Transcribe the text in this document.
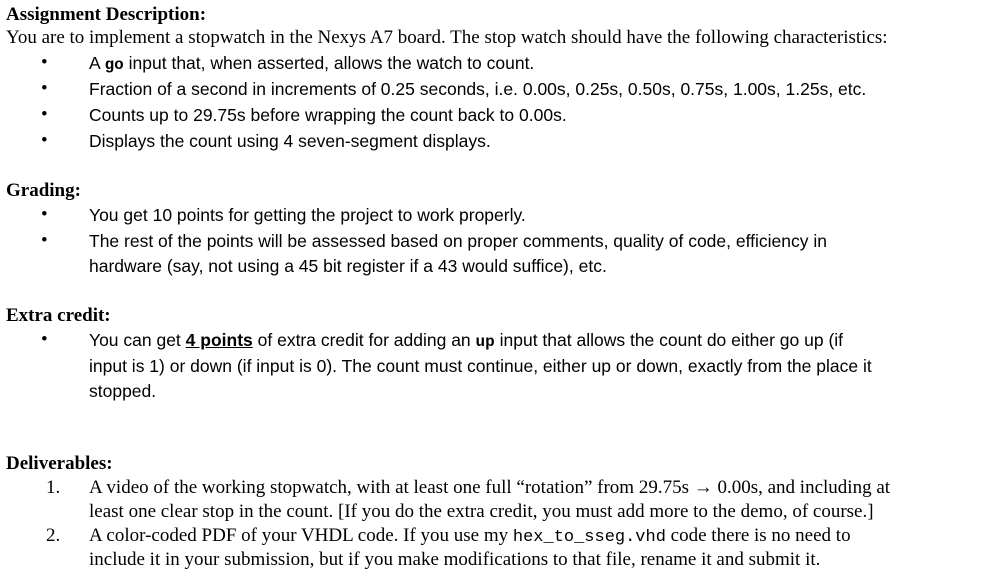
Assignment Description:
You are to implement a stopwatch in the Nexys A7 board. The stop watch should have the following characteristics:
• A go input that, when asserted, allows the watch to count.
• Fraction of a second in increments of 0.25 seconds, i.e. 0.00s, 0.25s, 0.50s, 0.75s, 1.00s, 1.25s, etc.
• Counts up to 29.75s before wrapping the count back to 0.00s.
• Displays the count using 4 seven-segment displays.
Grading:
• You get 10 points for getting the project to work properly.
• The rest of the points will be assessed based on proper comments, quality of code, efficiency in
hardware (say, not using a 45 bit register if a 43 would suffice), etc.
Extra credit:
• You can get 4 points of extra credit for adding an up input that allows the count do either go up (if
input is 1) or down (if input is 0). The count must continue, either up or down, exactly from the place it
stopped.
Deliverables:
1. A video of the working stopwatch, with at least one full “rotation” from 29.75s → 0.00s, and including at
least one clear stop in the count. [If you do the extra credit, you must add more to the demo, of course.]
2. A color-coded PDF of your VHDL code. If you use my hex_to_sseg.vhd code there is no need to
include it in your submission, but if you make modifications to that file, rename it and submit it.
